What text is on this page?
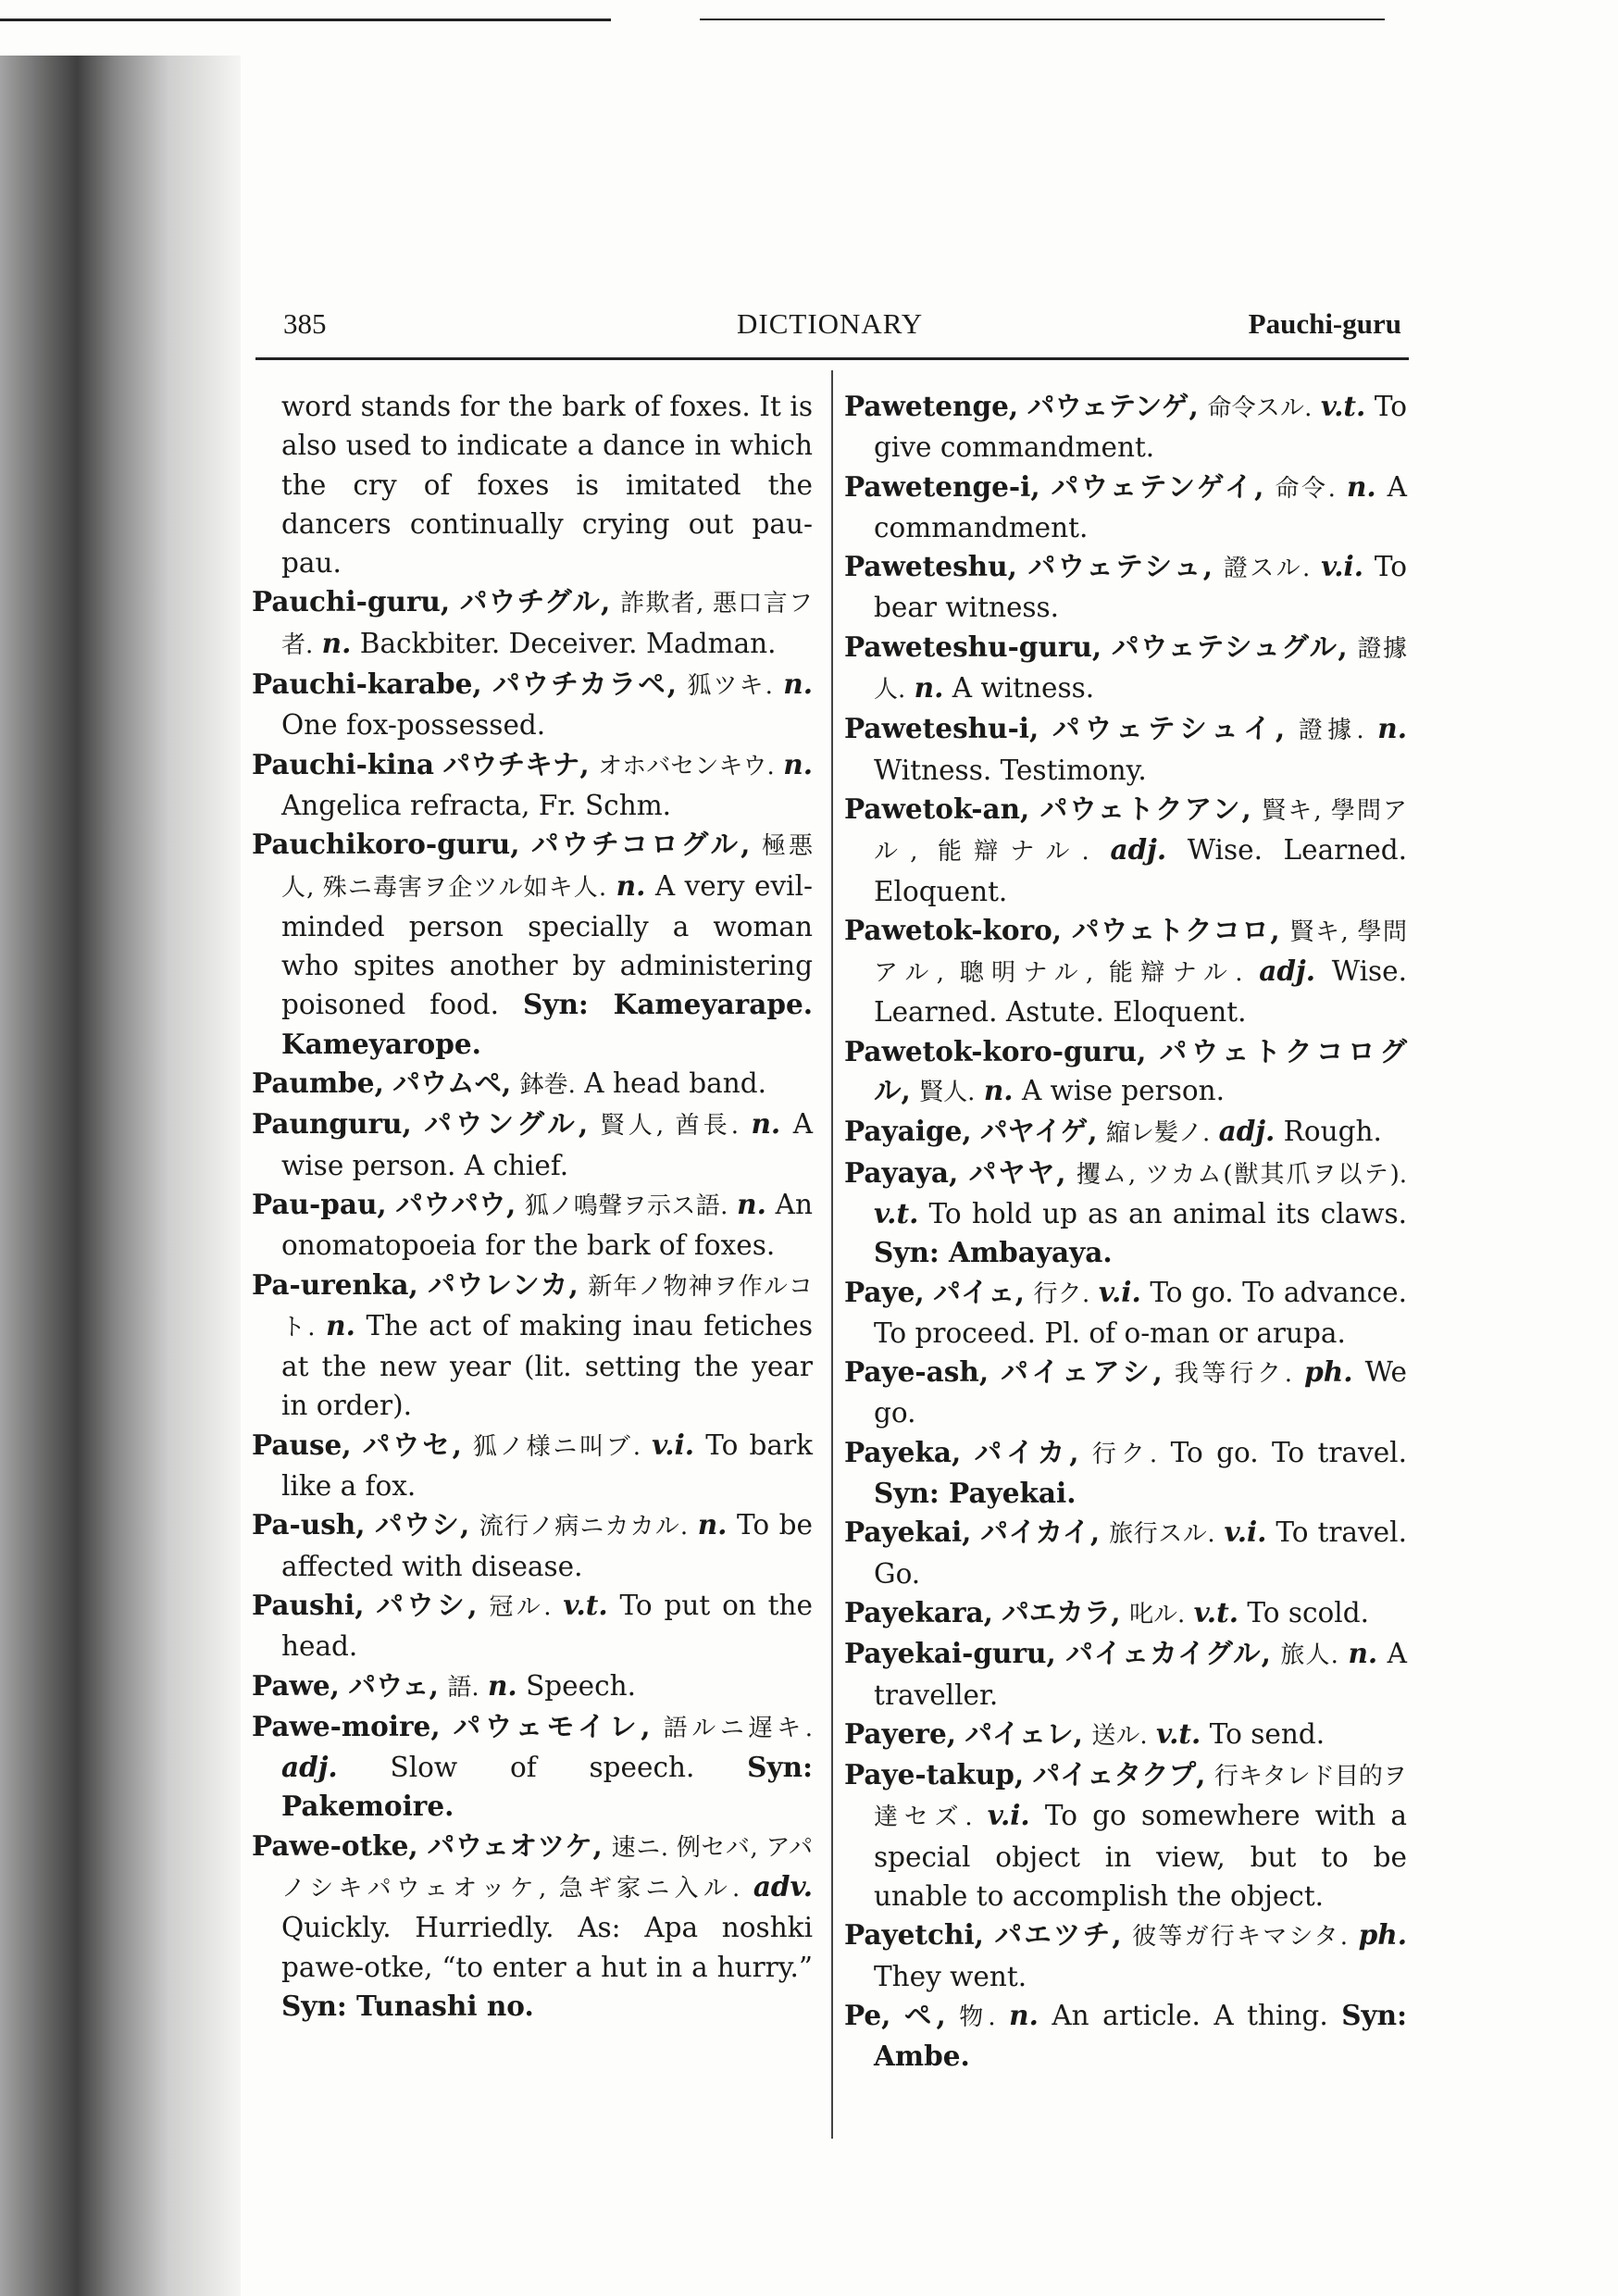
385	DICTIONARY	Pauchi-guru

word stands for the bark of foxes. It is also used to indicate a dance in which the cry of foxes is imitated the dancers continually crying out pau-pau.

Pauchi-guru, パウチグル, 詐欺者, 悪口言フ者. n. Backbiter. Deceiver. Madman.

Pauchi-karabe, パウチカラペ, 狐ツキ. n. One fox-possessed.

Pauchi-kina パウチキナ, オホバセンキウ. n. Angelica refracta, Fr. Schm.

Pauchikoro-guru, パウチコログル, 極悪人, 殊ニ毒害ヲ企ツル如キ人. n. A very evil-minded person specially a woman who spites another by administering poisoned food. Syn: Kameyarape. Kameyarope.

Paumbe, パウムペ, 鉢巻. A head band.

Paunguru, パウングル, 賢人, 酋長. n. A wise person. A chief.

Pau-pau, パウパウ, 狐ノ鳴聲ヲ示ス語. n. An onomatopoeia for the bark of foxes.

Pa-urenka, パウレンカ, 新年ノ物神ヲ作ルコト. n. The act of making inau fetiches at the new year (lit. setting the year in order).

Pause, パウセ, 狐ノ様ニ叫ブ. v.i. To bark like a fox.

Pa-ush, パウシ, 流行ノ病ニカカル. n. To be affected with disease.

Paushi, パウシ, 冠ル. v.t. To put on the head.

Pawe, パウェ, 語. n. Speech.

Pawe-moire, パウェモイレ, 語ルニ遅キ. adj. Slow of speech. Syn: Pakemoire.

Pawe-otke, パウェオツケ, 速ニ. 例セバ, アパノシキパウェオッケ, 急ギ家ニ入ル. adv. Quickly. Hurriedly. As: Apa noshki pawe-otke, “to enter a hut in a hurry.” Syn: Tunashi no.

Pawetenge, パウェテンゲ, 命令スル. v.t. To give commandment.

Pawetenge-i, パウェテンゲイ, 命令. n. A commandment.

Paweteshu, パウェテシュ, 證スル. v.i. To bear witness.

Paweteshu-guru, パウェテシュグル, 證據人. n. A witness.

Paweteshu-i, パウェテシュイ, 證據. n. Witness. Testimony.

Pawetok-an, パウェトクアン, 賢キ, 學問アル, 能辯ナル. adj. Wise. Learned. Eloquent.

Pawetok-koro, パウェトクコロ, 賢キ, 學問アル, 聰明ナル, 能辯ナル. adj. Wise. Learned. Astute. Eloquent.

Pawetok-koro-guru, パウェトクコログル, 賢人. n. A wise person.

Payaige, パヤイゲ, 縮レ髪ノ. adj. Rough.

Payaya, パヤヤ, 攫ム, ツカム(獣其爪ヲ以テ). v.t. To hold up as an animal its claws. Syn: Ambayaya.

Paye, パイェ, 行ク. v.i. To go. To advance. To proceed. Pl. of o-man or arupa.

Paye-ash, パイェアシ, 我等行ク. ph. We go.

Payeka, パイカ, 行ク. To go. To travel. Syn: Payekai.

Payekai, パイカイ, 旅行スル. v.i. To travel. Go.

Payekara, パエカラ, 叱ル. v.t. To scold.

Payekai-guru, パイェカイグル, 旅人. n. A traveller.

Payere, パイェレ, 送ル. v.t. To send.

Paye-takup, パイェタクプ, 行キタレド目的ヲ達セズ. v.i. To go somewhere with a special object in view, but to be unable to accomplish the object.

Payetchi, パエツチ, 彼等ガ行キマシタ. ph. They went.

Pe, ペ, 物. n. An article. A thing. Syn: Ambe.
